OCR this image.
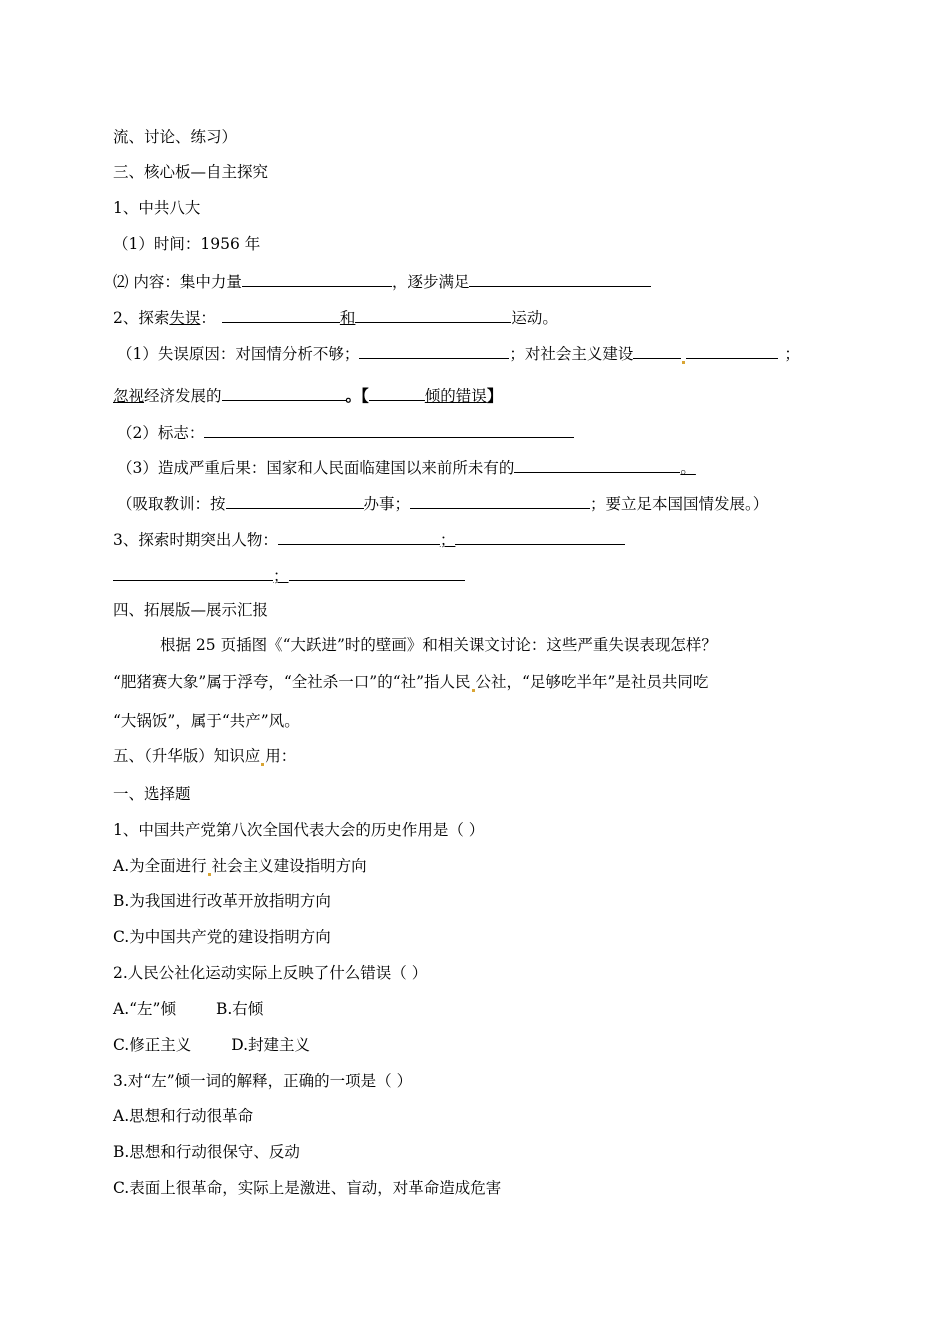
流、讨论、练习）
三、核心板—自主探究
1、中共八大
（1）时间：1956 年
⑵ 内容：集中力量	，逐步满足
2、探索失误：	和	运动。
（1）失误原因：对国情分析不够；	；对社会主义建设	；
忽视经济发展的	。【	倾的错误】
（2）标志：
（3）造成严重后果：国家和人民面临建国以来前所未有的	。
（吸取教训：按	办事；	；要立足本国国情发展。）
3、探索时期突出人物：	；
；
四、拓展版—展示汇报
根据 25 页插图《“大跃进”时的壁画》和相关课文讨论：这些严重失误表现怎样？
“肥猪赛大象”属于浮夸，“全社杀一口”的“社”指人民 公社，“足够吃半年”是社员共同吃
“大锅饭”，属于“共产”风。
五、（升华版）知识应 用：
一、选择题
1、中国共产党第八次全国代表大会的历史作用是（ ）
A.为全面进行 社会主义建设指明方向
B.为我国进行改革开放指明方向
C.为中国共产党的建设指明方向
2.人民公社化运动实际上反映了什么错误（ ）
A.“左”倾	B.右倾
C.修正主义	D.封建主义
3.对“左”倾一词的解释，正确的一项是（ ）
A.思想和行动很革命
B.思想和行动很保守、反动
C.表面上很革命，实际上是激进、盲动，对革命造成危害
